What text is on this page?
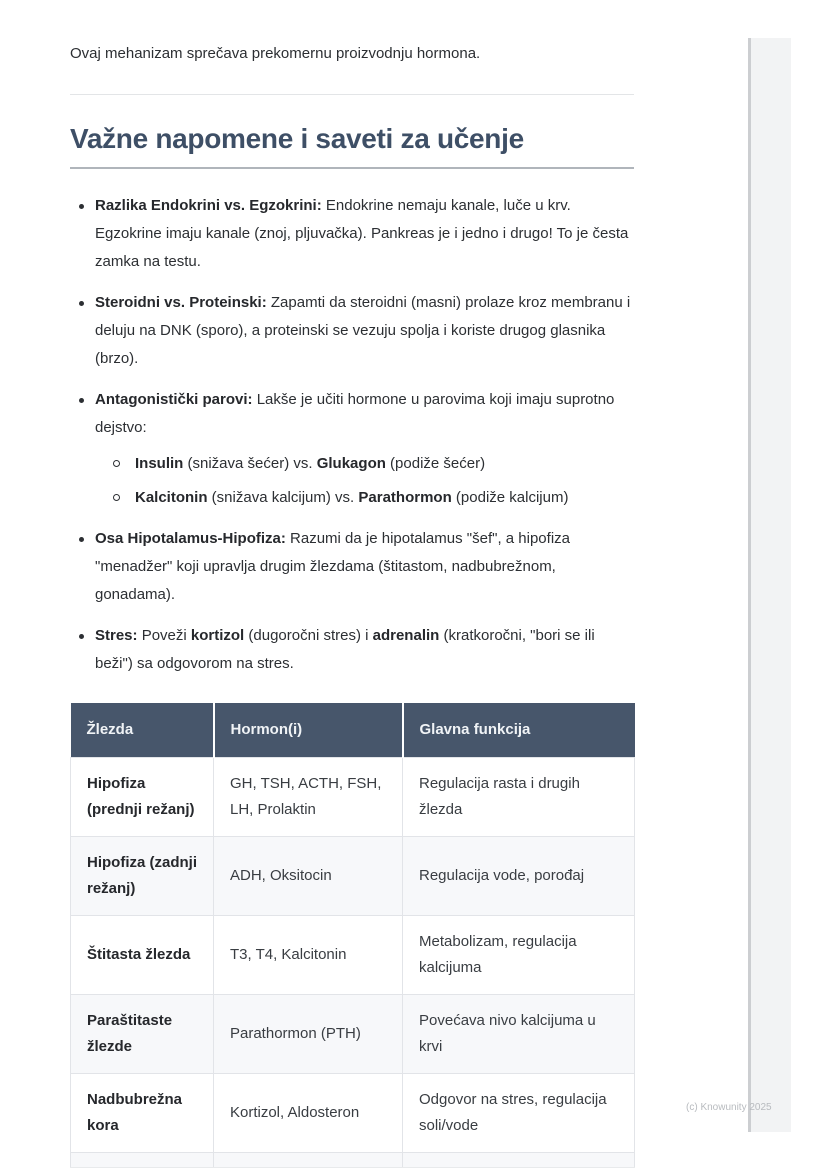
Ovaj mehanizam sprečava prekomernu proizvodnju hormona.

Važne napomene i saveti za učenje
Razlika Endokrini vs. Egzokrini: Endokrine nemaju kanale, luče u krv. Egzokrine imaju kanale (znoj, pljuvačka). Pankreas je i jedno i drugo! To je česta zamka na testu.
Steroidni vs. Proteinski: Zapamti da steroidni (masni) prolaze kroz membranu i deluju na DNK (sporo), a proteinski se vezuju spolja i koriste drugog glasnika (brzo).
Antagonistički parovi: Lakše je učiti hormone u parovima koji imaju suprotno dejstvo:
Insulin (snižava šećer) vs. Glukagon (podiže šećer)
Kalcitonin (snižava kalcijum) vs. Parathormon (podiže kalcijum)
Osa Hipotalamus-Hipofiza: Razumi da je hipotalamus "šef", a hipofiza "menadžer" koji upravlja drugim žlezdama (štitastom, nadbubrežnom, gonadama).
Stres: Poveži kortizol (dugoročni stres) i adrenalin (kratkoročni, "bori se ili beži") sa odgovorom na stres.
Žlezda	Hormon(i)	Glavna funkcija
Hipofiza (prednji režanj)	GH, TSH, ACTH, FSH, LH, Prolaktin	Regulacija rasta i drugih žlezda
Hipofiza (zadnji režanj)	ADH, Oksitocin	Regulacija vode, porođaj
Štitasta žlezda	T3, T4, Kalcitonin	Metabolizam, regulacija kalcijuma
Paraštitaste žlezde	Parathormon (PTH)	Povećava nivo kalcijuma u krvi
Nadbubrežna kora	Kortizol, Aldosteron	Odgovor na stres, regulacija soli/vode

(c) Knowunity 2025
